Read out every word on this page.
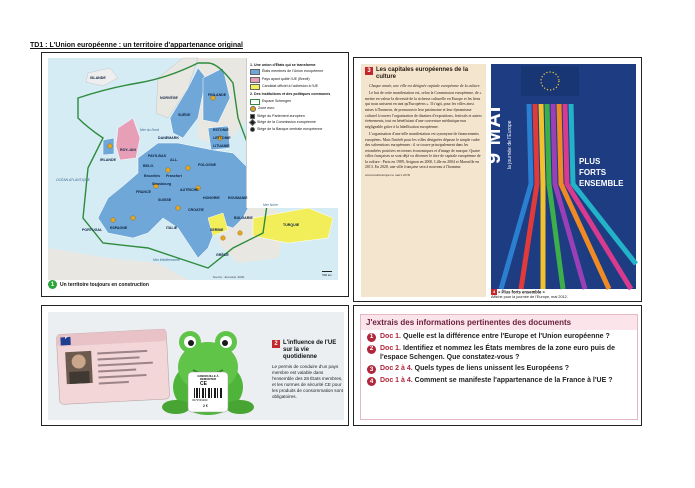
TD1 : L'Union européenne : un territoire d'appartenance original
1. Une union d'États qui se transforme
États membres de l'Union européenne
Pays ayant quitté l'UE (Brexit)
Candidat officiel à l'adhésion à l'UE
2. Des institutions et des politiques communes
Espace Schengen
Zone euro
Siège du Parlement européen
Siège de la Commission européenne
Siège de la Banque centrale européenne
ISLANDE
NORVÈGE
SUÈDE
FINLANDE
ESTONIE
LETTONIE
LITUANIE
ROY.-UNI
IRLANDE
DANEMARK
POLOGNE
ALL.
PAYS-BAS
BELG.
FRANCE
ESPAGNE
PORTUGAL	ITALIE
AUTRICHE
HONGRIE ROUMANIE
BULGARIE
GRÈCE
TURQUIE
CROATIE
SERBIE
SUISSE
Bruxelles
Strasbourg
Francfort
OCÉAN ATLANTIQUE
Mer du Nord
Mer Méditerranée
Mer Noire
Source : Eurostat, 2020.	500 km
1	Un territoire toujours en construction
3 Les capitales européennes de la culture

Chaque année, une ville est désignée capitale européenne de la culture.

Le but de cette manifestation est, selon la Commission européenne, de « mettre en valeur la diversité de la richesse culturelle en Europe et les liens qui nous unissent en tant qu'Européens ». Il s'agit, pour les villes ainsi mises à l'honneur, de promouvoir leur patrimoine et leur dynamisme culturel à travers l'organisation de dizaines d'expositions, festivals et autres événements, tout en bénéficiant d'une couverture médiatique non négligeable grâce à la labellisation européenne.

L'organisation d'une telle manifestation est synonyme de financements européens. Mais l'intérêt pour les villes désignées dépasse le simple cadre des subventions européennes : il se trouve principalement dans les retombées positives en termes économiques et d'image de marque. Quatre villes françaises se sont déjà vu décerner le titre de capitale européenne de la culture : Paris en 1989, Avignon en 2000, Lille en 2004 et Marseille en 2013. En 2028, une ville française sera à nouveau à l'honneur.

www.touteleurope.eu, mars 2018.

9 MAI la journée de l'Europe	PLUS
FORTS
ENSEMBLE
4 « Plus forts ensemble »
Affiche pour la journée de l'Europe, mai 2012.
F
GRENOUILLE À REMONTER
CE
3071539000
2 €
2 L'influence de l'UE sur la vie quotidienne
Le permis de conduire d'un pays membre est valable dans l'ensemble des 28 États membres, et les normes de sécurité CE pour les produits de consommation sont obligatoires.
J'extrais des informations pertinentes des documents
1 Doc 1. Quelle est la différence entre l'Europe et l'Union européenne ?
2 Doc 1. Identifiez et nommez les États membres de la zone euro puis de l'espace Schengen. Que constatez-vous ?
3 Doc 2 à 4. Quels types de liens unissent les Européens ?
4 Doc 1 à 4. Comment se manifeste l'appartenance de la France à l'UE ?
